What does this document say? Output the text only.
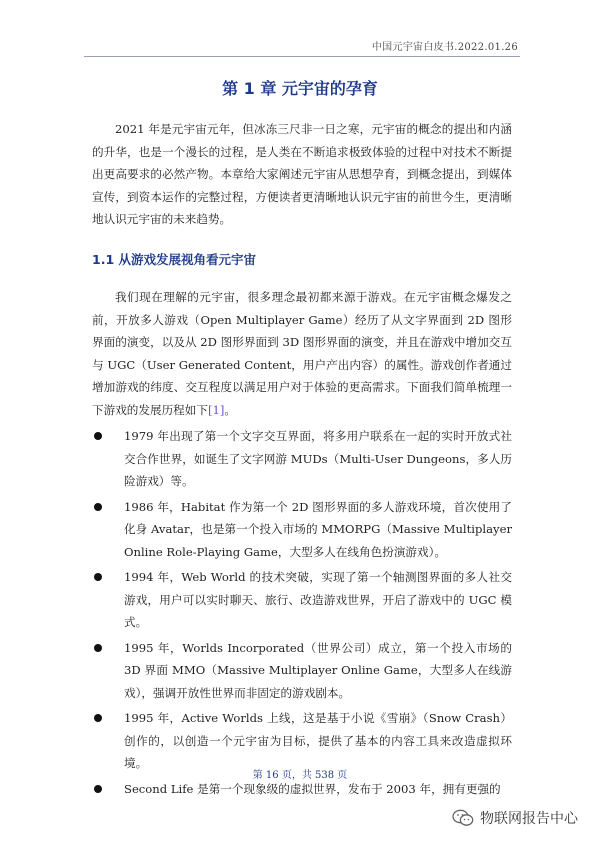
中国元宇宙白皮书.2022.01.26
第 1 章 元宇宙的孕育
2021 年是元宇宙元年，但冰冻三尺非一日之寒，元宇宙的概念的提出和内涵的升华，也是一个漫长的过程，是人类在不断追求极致体验的过程中对技术不断提出更高要求的必然产物。本章给大家阐述元宇宙从思想孕育，到概念提出，到媒体宣传，到资本运作的完整过程，方便读者更清晰地认识元宇宙的前世今生，更清晰地认识元宇宙的未来趋势。
1.1 从游戏发展视角看元宇宙
我们现在理解的元宇宙，很多理念最初都来源于游戏。在元宇宙概念爆发之前，开放多人游戏（Open Multiplayer Game）经历了从文字界面到 2D 图形界面的演变，以及从 2D 图形界面到 3D 图形界面的演变，并且在游戏中增加交互与 UGC（User Generated Content，用户产出内容）的属性。游戏创作者通过增加游戏的纬度、交互程度以满足用户对于体验的更高需求。下面我们简单梳理一下游戏的发展历程如下[1]。
1979 年出现了第一个文字交互界面，将多用户联系在一起的实时开放式社交合作世界，如诞生了文字网游 MUDs（Multi-User Dungeons，多人历险游戏）等。
1986 年，Habitat 作为第一个 2D 图形界面的多人游戏环境，首次使用了化身 Avatar，也是第一个投入市场的 MMORPG（Massive Multiplayer Online Role-Playing Game，大型多人在线角色扮演游戏）。
1994 年，Web World 的技术突破，实现了第一个轴测图界面的多人社交游戏，用户可以实时聊天、旅行、改造游戏世界，开启了游戏中的 UGC 模式。
1995 年，Worlds Incorporated（世界公司）成立，第一个投入市场的 3D 界面 MMO（Massive Multiplayer Online Game，大型多人在线游戏），强调开放性世界而非固定的游戏剧本。
1995 年，Active Worlds 上线，这是基于小说《雪崩》（Snow Crash）创作的，以创造一个元宇宙为目标，提供了基本的内容工具来改造虚拟环境。
Second Life 是第一个现象级的虚拟世界，发布于 2003 年，拥有更强的
第 16 页，共 538 页
物联网报告中心
